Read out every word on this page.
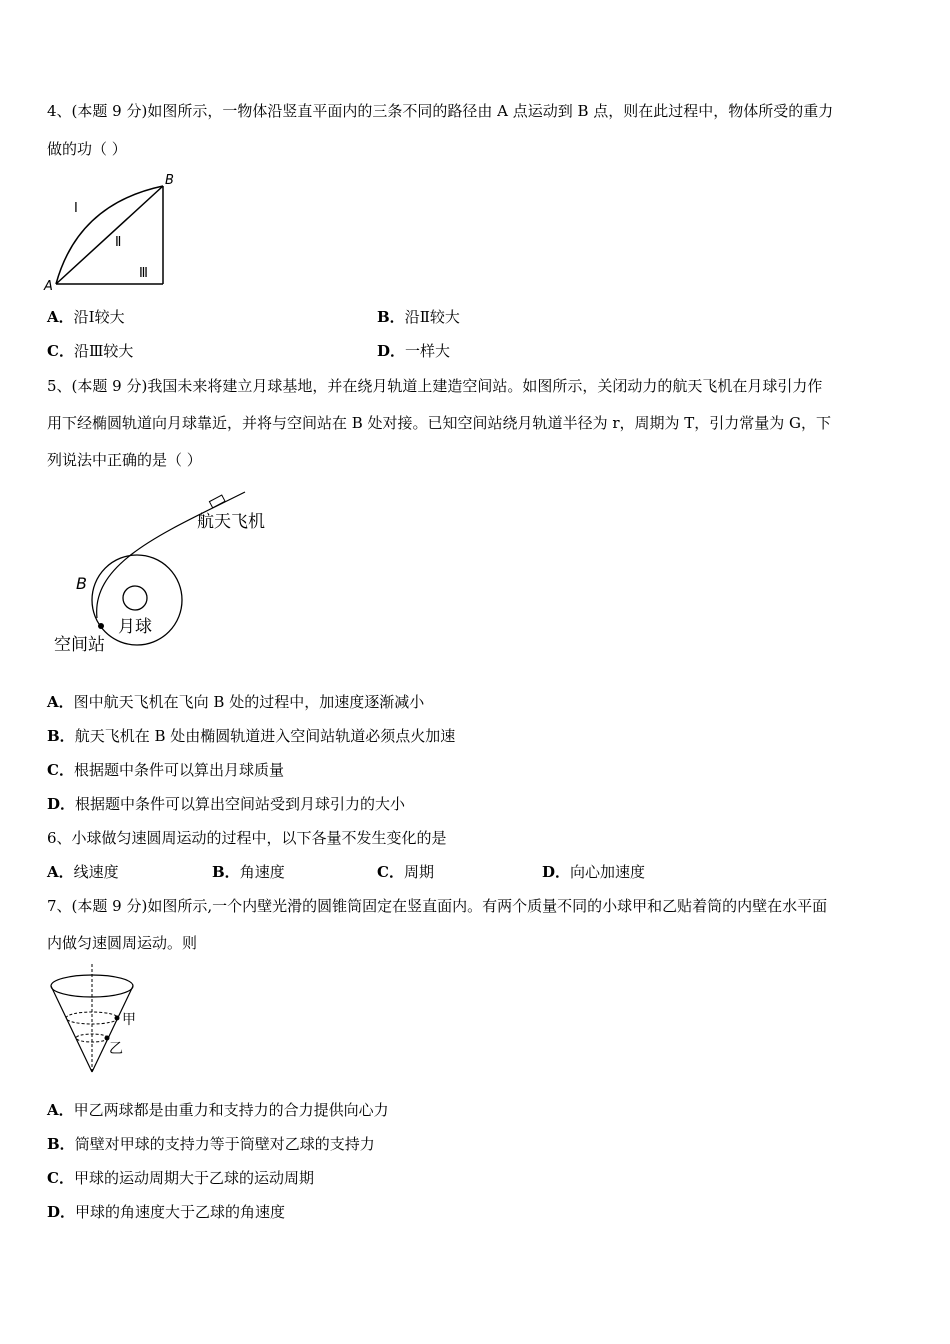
4、(本题 9 分)如图所示，一物体沿竖直平面内的三条不同的路径由 A 点运动到 B 点，则在此过程中，物体所受的重力
做的功（ ）
B
A
Ⅰ
Ⅱ
Ⅲ
A．沿Ⅰ较大	B．沿Ⅱ较大
C．沿Ⅲ较大	D．一样大
5、(本题 9 分)我国未来将建立月球基地，并在绕月轨道上建造空间站。如图所示，关闭动力的航天飞机在月球引力作
用下经椭圆轨道向月球靠近，并将与空间站在 B 处对接。已知空间站绕月轨道半径为 r，周期为 T，引力常量为 G，下
列说法中正确的是（ ）
航天飞机
B
月球
空间站
A．图中航天飞机在飞向 B 处的过程中，加速度逐渐减小
B．航天飞机在 B 处由椭圆轨道进入空间站轨道必须点火加速
C．根据题中条件可以算出月球质量
D．根据题中条件可以算出空间站受到月球引力的大小
6、小球做匀速圆周运动的过程中，以下各量不发生变化的是
A．线速度	B．角速度	C．周期	D．向心加速度
7、(本题 9 分)如图所示,一个内壁光滑的圆锥筒固定在竖直面内。有两个质量不同的小球甲和乙贴着筒的内壁在水平面
内做匀速圆周运动。则
甲
乙
A．甲乙两球都是由重力和支持力的合力提供向心力
B．筒壁对甲球的支持力等于筒壁对乙球的支持力
C．甲球的运动周期大于乙球的运动周期
D．甲球的角速度大于乙球的角速度
